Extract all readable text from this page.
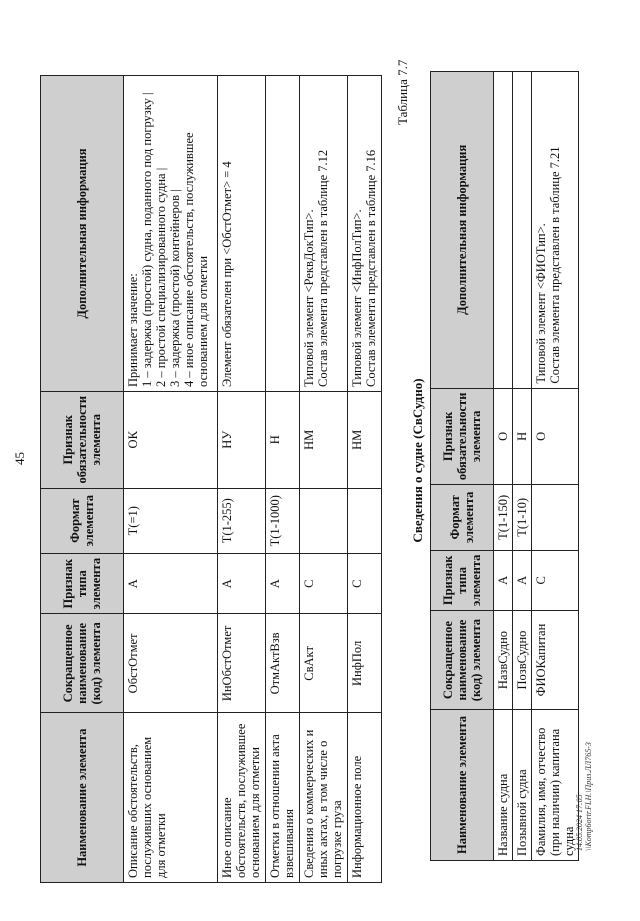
45
Наименование элемента	Сокращенное наименование (код) элемента	Признак типа элемента	Формат элемента	Признак обязательности элемента	Дополнительная информация
Описание обстоятельств, послуживших основанием для отметки	ОбстОтмет	А	Т(=1)	ОК	Принимает значение:
1 – задержка (простой) судна, поданного под погрузку |
2 – простой специализированного судна |
3 – задержка (простой) контейнеров |
4 – иное описание обстоятельств, послужившее основанием для отметки
Иное описание обстоятельств, послужившее основанием для отметки	ИнОбстОтмет	А	Т(1-255)	НУ	Элемент обязателен при <ОбстОтмет> = 4
Отметки в отношении акта взвешивания	ОтмАктВзв	А	Т(1-1000)	Н	
Сведения о коммерческих и иных актах, в том числе о погрузке груза	СвАкт	С		НМ	Типовой элемент <РеквДокТип>.
Состав элемента представлен в таблице 7.12
Информационное поле	ИнфПол	С		НМ	Типовой элемент <ИнфПолТип>.
Состав элемента представлен в таблице 7.16
Таблица 7.7
Сведения о судне (СвСудно)
Наименование элемента	Сокращенное наименование (код) элемента	Признак типа элемента	Формат элемента	Признак обязательности элемента	Дополнительная информация
Название судна	НазвСудно	А	Т(1-150)	О	
Позывной судна	ПозвСудно	А	Т(1-10)	Н	
Фамилия, имя, отчество (при наличии) капитана судна	ФИОКапитан	С		О	Типовой элемент <ФИОТип>.
Состав элемента представлен в таблице 7.21
14.05.2024 17:05 \\Komp6ortr.FLH.\Приз.ЛЛ765-3
